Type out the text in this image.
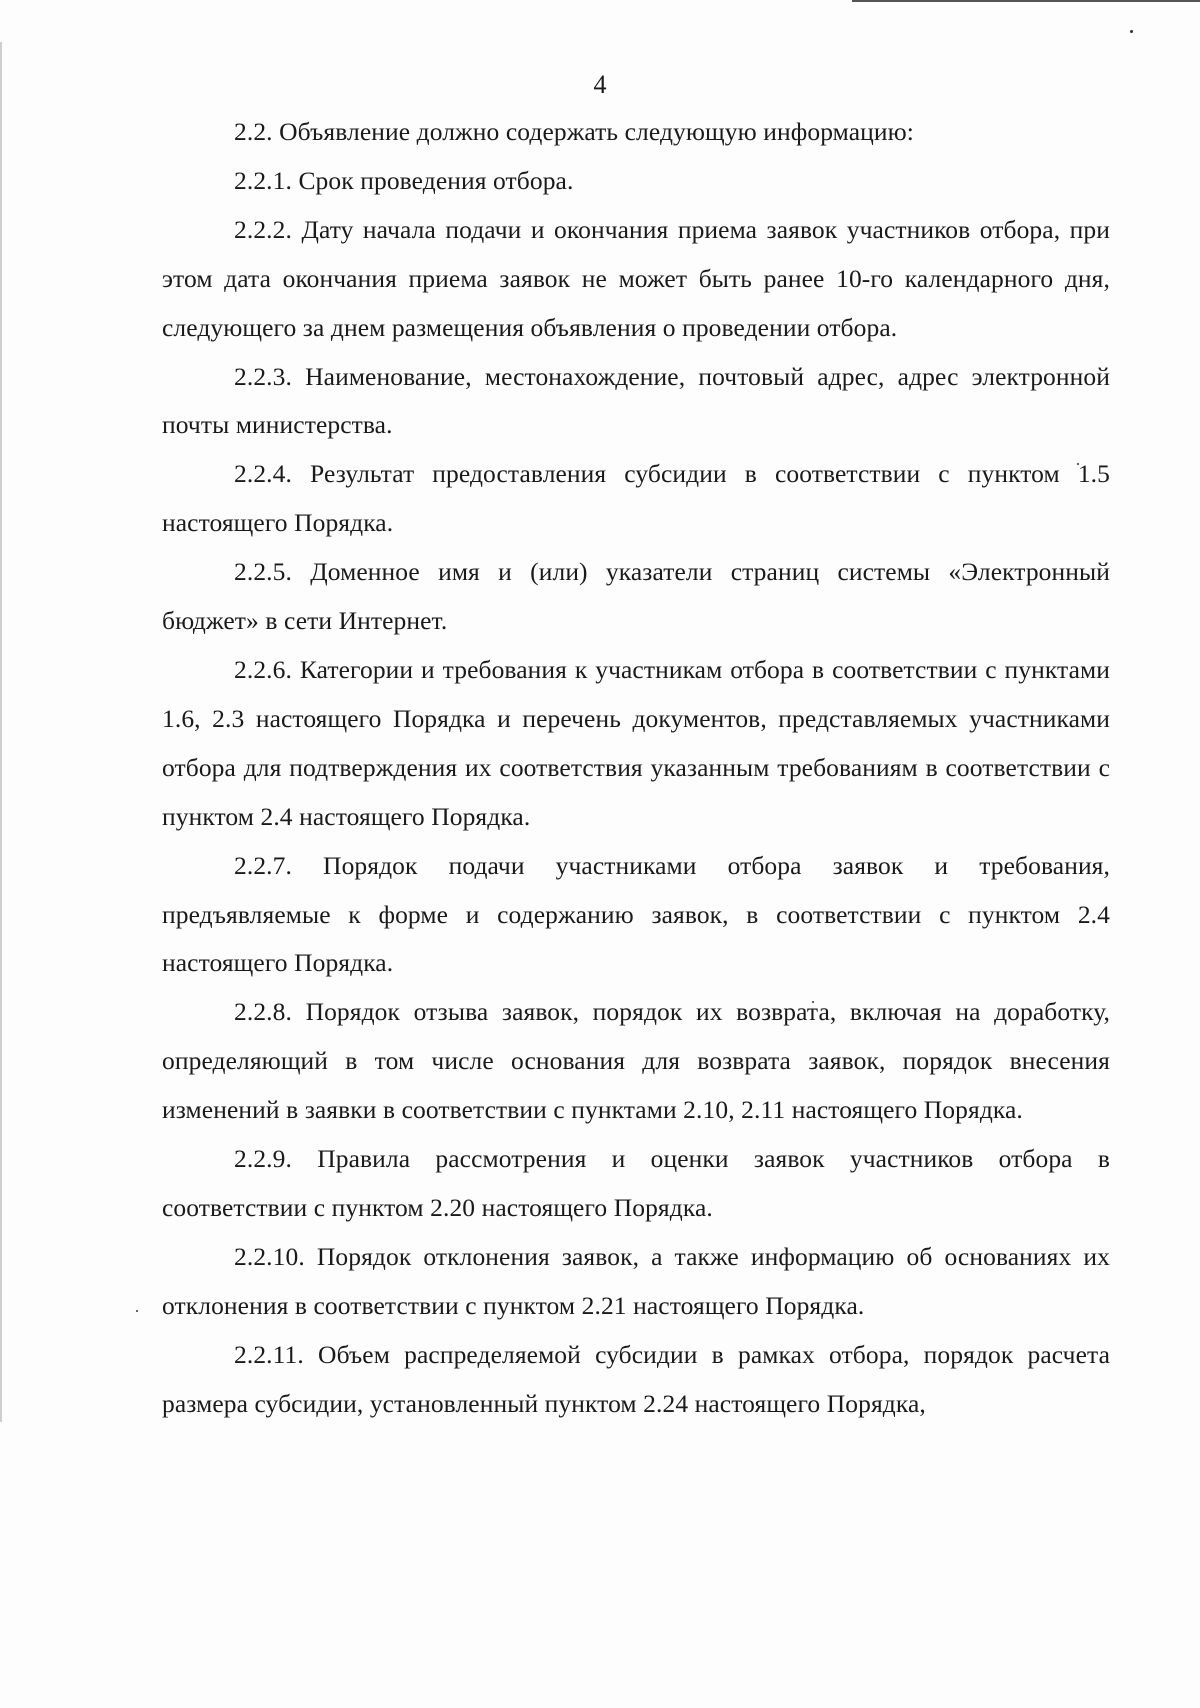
4

2.2. Объявление должно содержать следующую информацию:

2.2.1. Срок проведения отбора.

2.2.2. Дату начала подачи и окончания приема заявок участников отбора, при этом дата окончания приема заявок не может быть ранее 10-го календарного дня, следующего за днем размещения объявления о проведении отбора.

2.2.3. Наименование, местонахождение, почтовый адрес, адрес электронной почты министерства.

2.2.4. Результат предоставления субсидии в соответствии с пунктом 1.5 настоящего Порядка.

2.2.5. Доменное имя и (или) указатели страниц системы «Электронный бюджет» в сети Интернет.

2.2.6. Категории и требования к участникам отбора в соответствии с пунктами 1.6, 2.3 настоящего Порядка и перечень документов, представляемых участниками отбора для подтверждения их соответствия указанным требованиям в соответствии с пунктом 2.4 настоящего Порядка.

2.2.7. Порядок подачи участниками отбора заявок и требования, предъявляемые к форме и содержанию заявок, в соответствии с пунктом 2.4 настоящего Порядка.

2.2.8. Порядок отзыва заявок, порядок их возврата, включая на доработку, определяющий в том числе основания для возврата заявок, порядок внесения изменений в заявки в соответствии с пунктами 2.10, 2.11 настоящего Порядка.

2.2.9. Правила рассмотрения и оценки заявок участников отбора в соответствии с пунктом 2.20 настоящего Порядка.

2.2.10. Порядок отклонения заявок, а также информацию об основаниях их отклонения в соответствии с пунктом 2.21 настоящего Порядка.

2.2.11. Объем распределяемой субсидии в рамках отбора, порядок расчета размера субсидии, установленный пунктом 2.24 настоящего Порядка,
